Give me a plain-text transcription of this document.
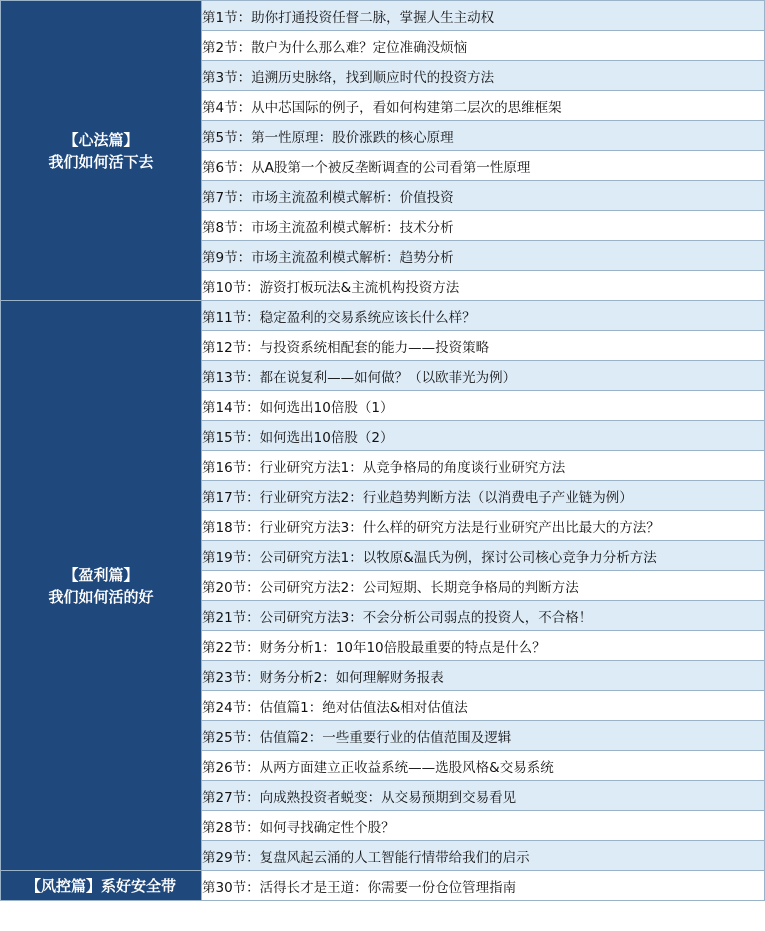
【心法篇】
我们如何活下去	第1节：助你打通投资任督二脉，掌握人生主动权
	第2节：散户为什么那么难？定位准确没烦恼
	第3节：追溯历史脉络，找到顺应时代的投资方法
	第4节：从中芯国际的例子，看如何构建第二层次的思维框架
	第5节：第一性原理：股价涨跌的核心原理
	第6节：从A股第一个被反垄断调查的公司看第一性原理
	第7节：市场主流盈利模式解析：价值投资
	第8节：市场主流盈利模式解析：技术分析
	第9节：市场主流盈利模式解析：趋势分析
	第10节：游资打板玩法&主流机构投资方法

【盈利篇】
我们如何活的好	第11节：稳定盈利的交易系统应该长什么样？
	第12节：与投资系统相配套的能力——投资策略
	第13节：都在说复利——如何做？（以欧菲光为例）
	第14节：如何选出10倍股（1）
	第15节：如何选出10倍股（2）
	第16节：行业研究方法1：从竞争格局的角度谈行业研究方法
	第17节：行业研究方法2：行业趋势判断方法（以消费电子产业链为例）
	第18节：行业研究方法3：什么样的研究方法是行业研究产出比最大的方法？
	第19节：公司研究方法1：以牧原&温氏为例，探讨公司核心竞争力分析方法
	第20节：公司研究方法2：公司短期、长期竞争格局的判断方法
	第21节：公司研究方法3：不会分析公司弱点的投资人，不合格！
	第22节：财务分析1：10年10倍股最重要的特点是什么？
	第23节：财务分析2：如何理解财务报表
	第24节：估值篇1：绝对估值法&相对估值法
	第25节：估值篇2：一些重要行业的估值范围及逻辑
	第26节：从两方面建立正收益系统——选股风格&交易系统
	第27节：向成熟投资者蜕变：从交易预期到交易看见
	第28节：如何寻找确定性个股？
	第29节：复盘风起云涌的人工智能行情带给我们的启示

【风控篇】系好安全带	第30节：活得长才是王道：你需要一份仓位管理指南
